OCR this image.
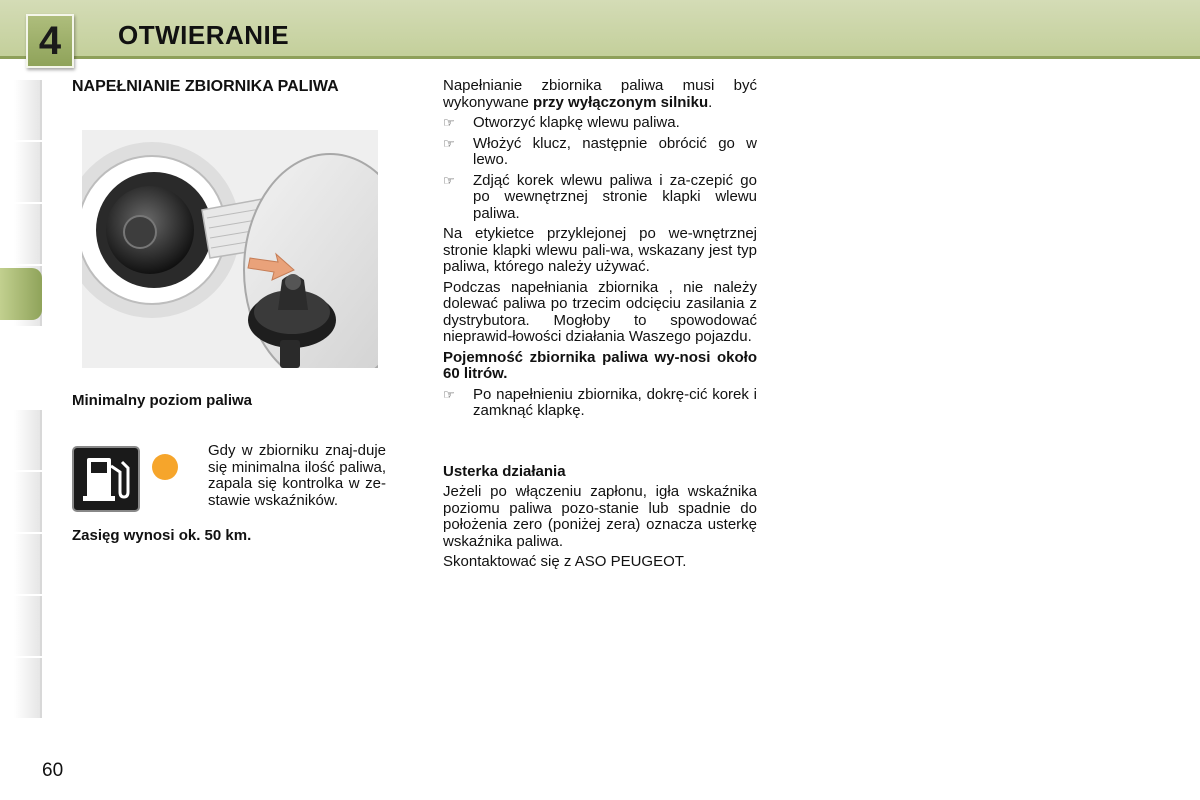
4	OTWIERANIE
NAPEŁNIANIE ZBIORNIKA PALIWA
Minimalny poziom paliwa

Gdy w zbiorniku znaj-duje się minimalna ilość paliwa, zapala się kontrolka w ze-stawie wskaźników.

Zasięg wynosi ok. 50 km.

Napełnianie zbiornika paliwa musi być wykonywane przy wyłączonym silniku.

☞	Otworzyć klapkę wlewu paliwa.
☞	Włożyć klucz, następnie obrócić go w lewo.
☞	Zdjąć korek wlewu paliwa i za-czepić go po wewnętrznej stronie klapki wlewu paliwa.

Na etykietce przyklejonej po we-wnętrznej stronie klapki wlewu pali-wa, wskazany jest typ paliwa, którego należy używać.

Podczas napełniania zbiornika , nie należy dolewać paliwa po trzecim odcięciu zasilania z dystrybutora. Mogłoby to spowodować nieprawid-łowości działania Waszego pojazdu.

Pojemność zbiornika paliwa wy-nosi około 60 litrów.

☞	Po napełnieniu zbiornika, dokrę-cić korek i zamknąć klapkę.

Usterka działania

Jeżeli po włączeniu zapłonu, igła wskaźnika poziomu paliwa pozo-stanie lub spadnie do położenia zero (poniżej zera) oznacza usterkę wskaźnika paliwa.

Skontaktować się z ASO PEUGEOT.

60
